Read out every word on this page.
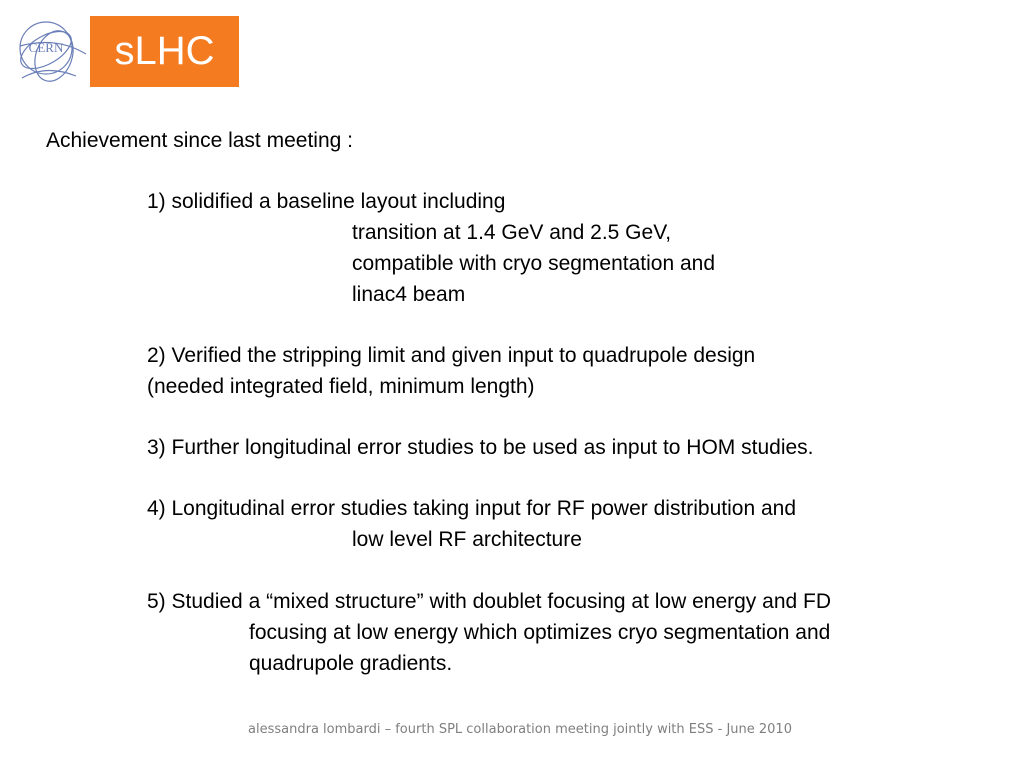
CERN	sLHC
Achievement since last meeting :
1) solidified a baseline layout including
transition at 1.4 GeV and 2.5 GeV,
compatible with cryo segmentation and
linac4 beam
2) Verified the stripping limit and given input to quadrupole design
(needed integrated field, minimum length)
3) Further longitudinal error studies to be used as input to HOM studies.
4) Longitudinal error studies taking input for RF power distribution and
low level RF architecture
5) Studied a “mixed structure” with doublet focusing at low energy and FD
focusing at low energy which optimizes cryo segmentation and
quadrupole gradients.
alessandra lombardi – fourth SPL collaboration meeting jointly with ESS - June 2010
